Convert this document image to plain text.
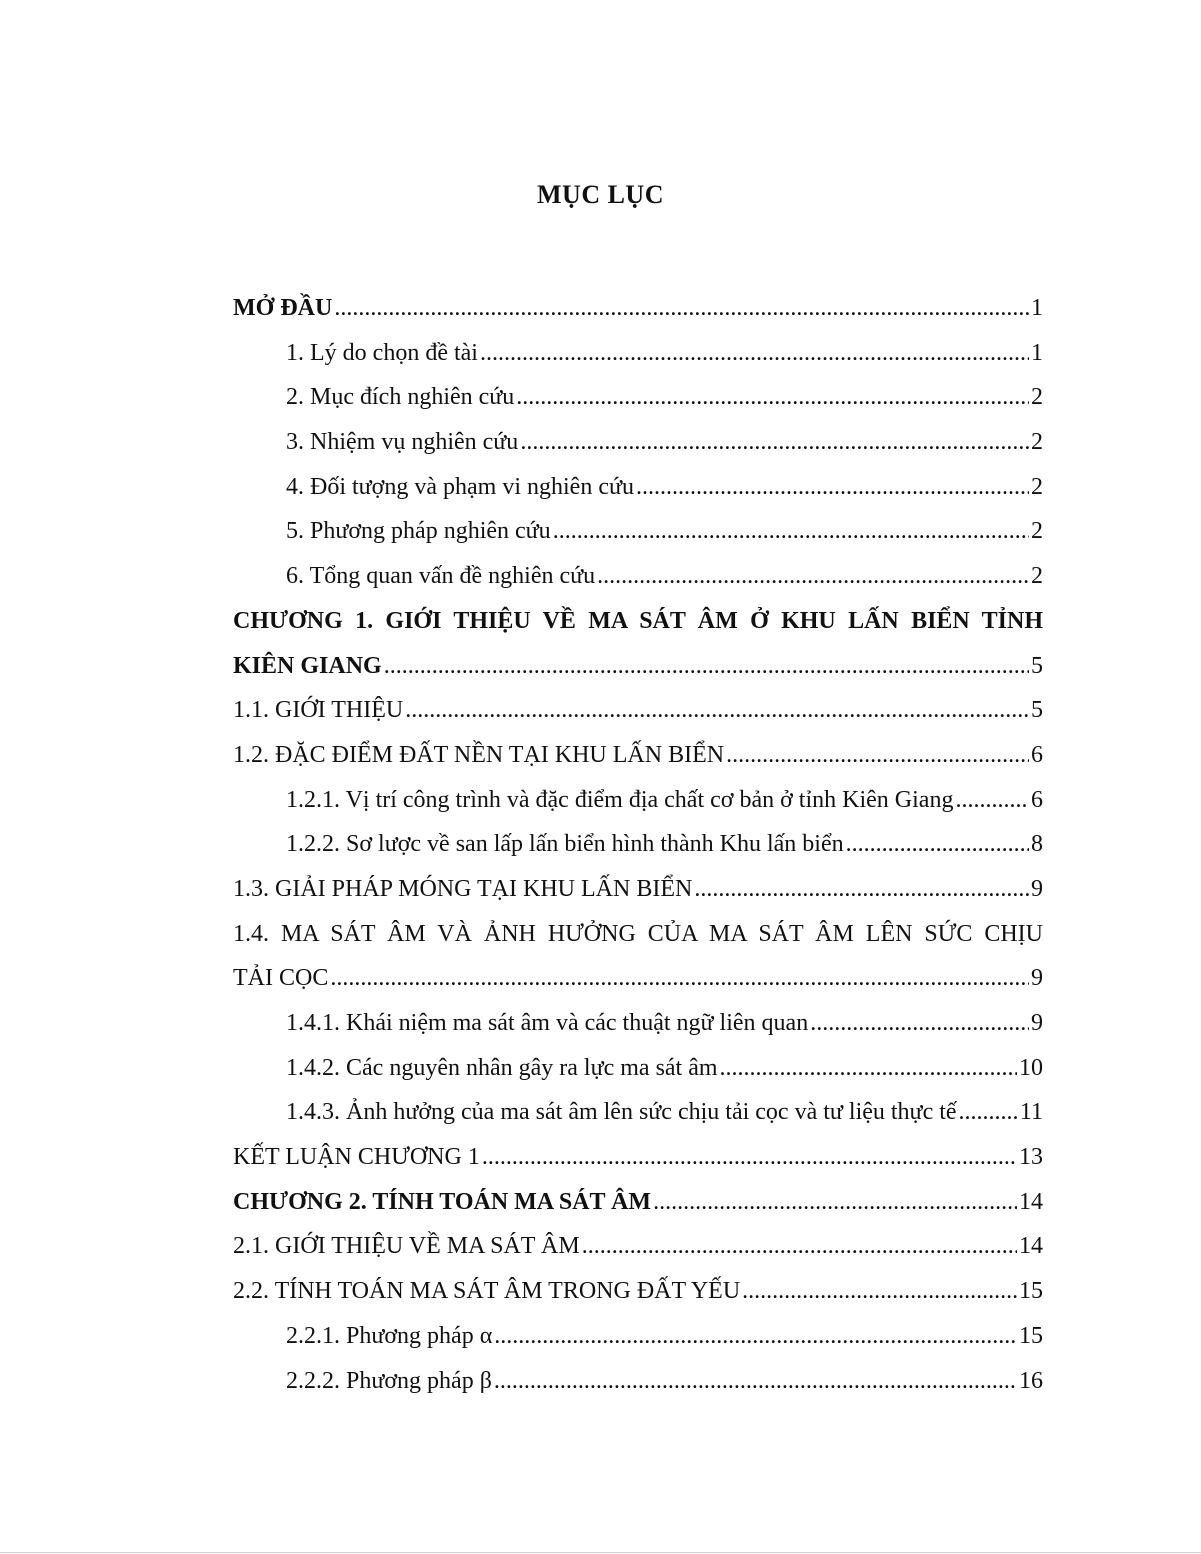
MỤC LỤC
MỞ ĐẦU .....	1
1. Lý do chọn đề tài .....	1
2. Mục đích nghiên cứu .....	2
3. Nhiệm vụ nghiên cứu .....	2
4. Đối tượng và phạm vi nghiên cứu .....	2
5. Phương pháp nghiên cứu .....	2
6. Tổng quan vấn đề nghiên cứu .....	2
CHƯƠNG 1. GIỚI THIỆU VỀ MA SÁT ÂM Ở KHU LẤN BIỂN TỈNH
KIÊN GIANG .....	5
1.1. GIỚI THIỆU .....	5
1.2. ĐẶC ĐIỂM ĐẤT NỀN TẠI KHU LẤN BIỂN .....	6
1.2.1. Vị trí công trình và đặc điểm địa chất cơ bản ở tỉnh Kiên Giang .....	6
1.2.2. Sơ lược về san lấp lấn biển hình thành Khu lấn biển .....	8
1.3. GIẢI PHÁP MÓNG TẠI KHU LẤN BIỂN .....	9
1.4. MA SÁT ÂM VÀ ẢNH HƯỞNG CỦA MA SÁT ÂM LÊN SỨC CHỊU
TẢI CỌC .....	9
1.4.1. Khái niệm ma sát âm và các thuật ngữ liên quan .....	9
1.4.2. Các nguyên nhân gây ra lực ma sát âm .....	10
1.4.3. Ảnh hưởng của ma sát âm lên sức chịu tải cọc và tư liệu thực tế .....	11
KẾT LUẬN CHƯƠNG 1 .....	13
CHƯƠNG 2. TÍNH TOÁN MA SÁT ÂM .....	14
2.1. GIỚI THIỆU VỀ MA SÁT ÂM .....	14
2.2. TÍNH TOÁN MA SÁT ÂM TRONG ĐẤT YẾU .....	15
2.2.1. Phương pháp α .....	15
2.2.2. Phương pháp β .....	16
